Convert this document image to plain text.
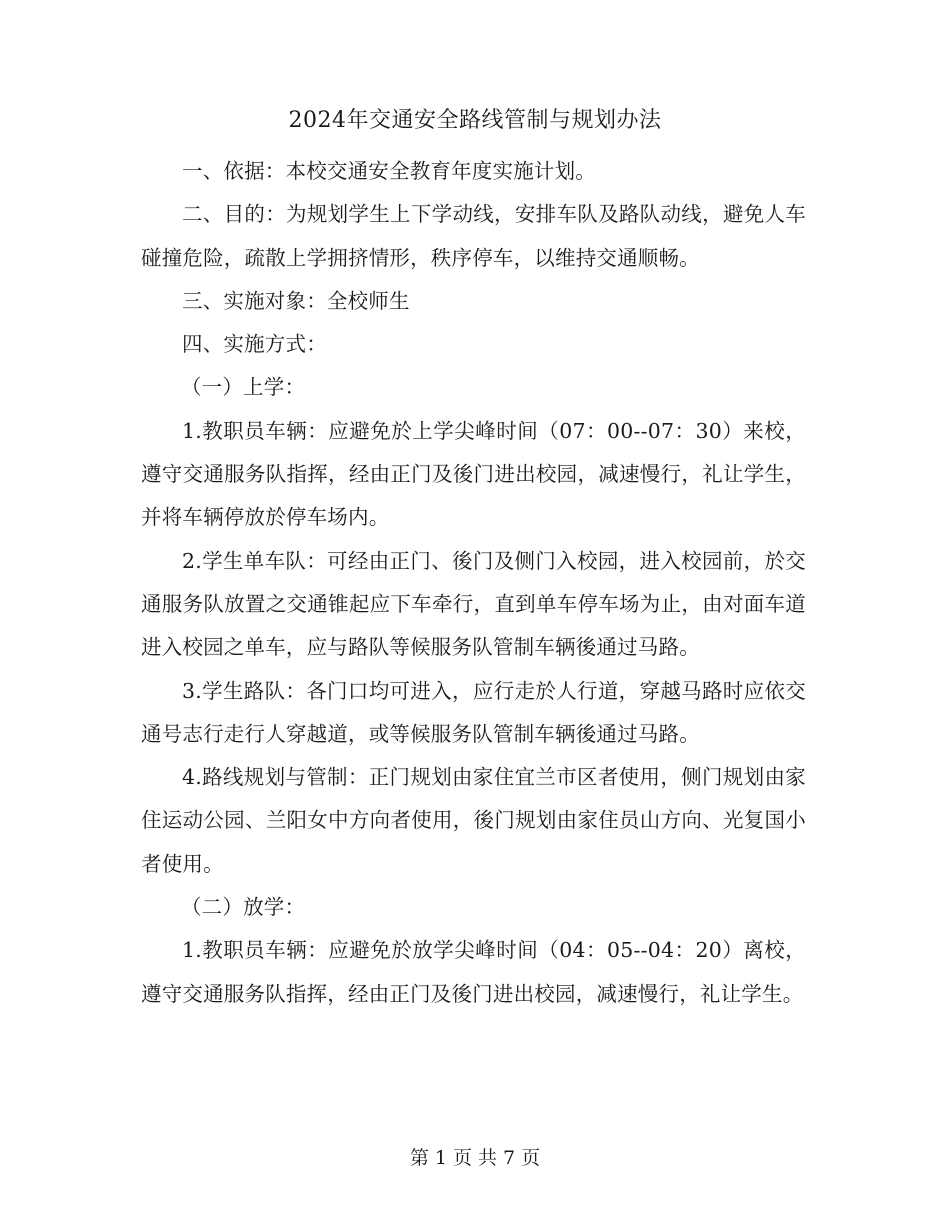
2024年交通安全路线管制与规划办法

一、依据：本校交通安全教育年度实施计划。

二、目的：为规划学生上下学动线，安排车队及路队动线，避免人车碰撞危险，疏散上学拥挤情形，秩序停车，以维持交通顺畅。

三、实施对象：全校师生

四、实施方式：

（一）上学：

1.教职员车辆：应避免於上学尖峰时间（07：00--07：30）来校，遵守交通服务队指挥，经由正门及後门进出校园，减速慢行，礼让学生，并将车辆停放於停车场内。

2.学生单车队：可经由正门、後门及侧门入校园，进入校园前，於交通服务队放置之交通锥起应下车牵行，直到单车停车场为止，由对面车道进入校园之单车，应与路队等候服务队管制车辆後通过马路。

3.学生路队：各门口均可进入，应行走於人行道，穿越马路时应依交通号志行走行人穿越道，或等候服务队管制车辆後通过马路。

4.路线规划与管制：正门规划由家住宜兰市区者使用，侧门规划由家住运动公园、兰阳女中方向者使用，後门规划由家住员山方向、光复国小者使用。

（二）放学：

1.教职员车辆：应避免於放学尖峰时间（04：05--04：20）离校，遵守交通服务队指挥，经由正门及後门进出校园，减速慢行，礼让学生。

第 1 页 共 7 页
